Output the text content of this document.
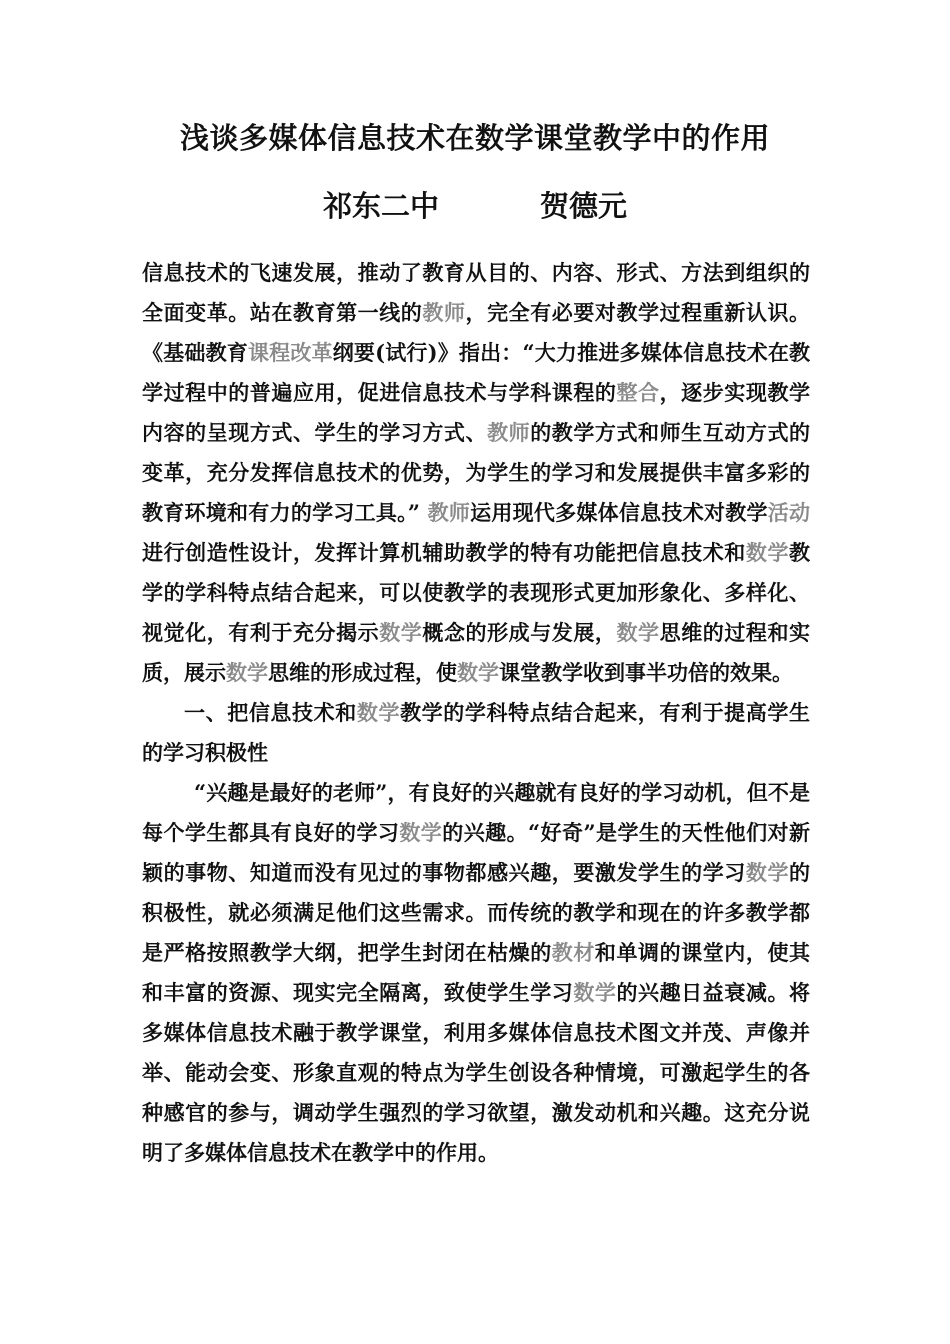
浅谈多媒体信息技术在数学课堂教学中的作用
祁东二中          贺德元

信息技术的飞速发展，推动了教育从目的、内容、形式、方法到组织的全面变革。站在教育第一线的教师，完全有必要对教学过程重新认识。《基础教育课程改革纲要(试行)》指出：“大力推进多媒体信息技术在教学过程中的普遍应用，促进信息技术与学科课程的整合，逐步实现教学内容的呈现方式、学生的学习方式、教师的教学方式和师生互动方式的变革，充分发挥信息技术的优势，为学生的学习和发展提供丰富多彩的教育环境和有力的学习工具。” 教师运用现代多媒体信息技术对教学活动进行创造性设计，发挥计算机辅助教学的特有功能把信息技术和数学教学的学科特点结合起来，可以使教学的表现形式更加形象化、多样化、视觉化，有利于充分揭示数学概念的形成与发展，数学思维的过程和实质，展示数学思维的形成过程，使数学课堂教学收到事半功倍的效果。

一、把信息技术和数学教学的学科特点结合起来，有利于提高学生的学习积极性

“兴趣是最好的老师”，有良好的兴趣就有良好的学习动机，但不是每个学生都具有良好的学习数学的兴趣。“好奇”是学生的天性他们对新颖的事物、知道而没有见过的事物都感兴趣，要激发学生的学习数学的积极性，就必须满足他们这些需求。而传统的教学和现在的许多教学都是严格按照教学大纲，把学生封闭在枯燥的教材和单调的课堂内，使其和丰富的资源、现实完全隔离，致使学生学习数学的兴趣日益衰减。将多媒体信息技术融于教学课堂，利用多媒体信息技术图文并茂、声像并举、能动会变、形象直观的特点为学生创设各种情境，可激起学生的各种感官的参与，调动学生强烈的学习欲望，激发动机和兴趣。这充分说明了多媒体信息技术在教学中的作用。
